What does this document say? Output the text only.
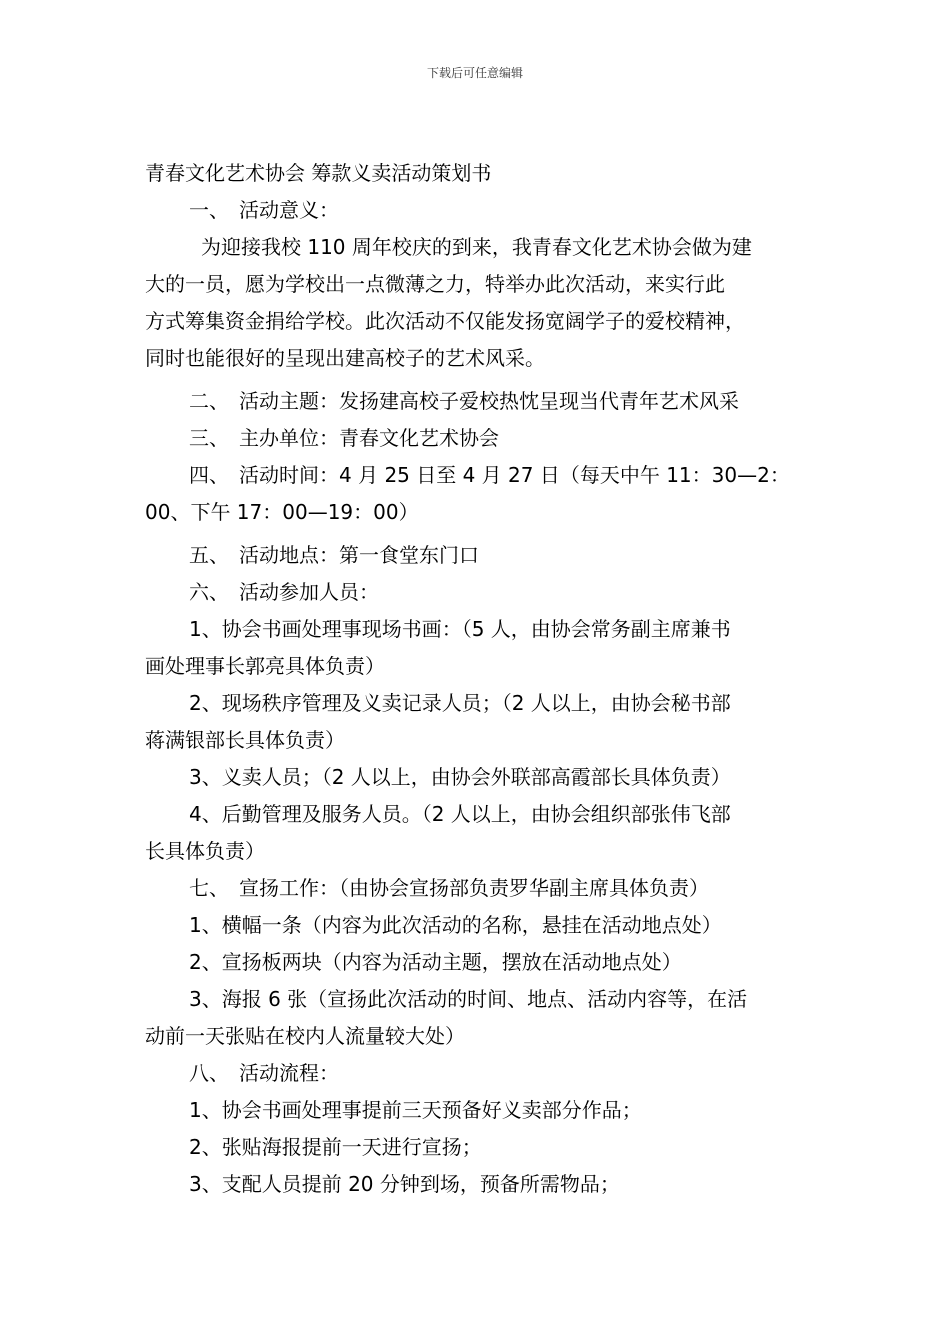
下载后可任意编辑

青春文化艺术协会 筹款义卖活动策划书

一、　活动意义：

为迎接我校 110 周年校庆的到来，我青春文化艺术协会做为建

大的一员，愿为学校出一点微薄之力，特举办此次活动，来实行此

方式筹集资金捐给学校。此次活动不仅能发扬宽阔学子的爱校精神，

同时也能很好的呈现出建高校子的艺术风采。

二、　活动主题：发扬建高校子爱校热忱呈现当代青年艺术风采

三、　主办单位：青春文化艺术协会

四、　活动时间：4 月 25 日至 4 月 27 日（每天中午 11：30—2：

00、下午 17：00—19：00）

五、　活动地点：第一食堂东门口

六、　活动参加人员：

1、协会书画处理事现场书画：（5 人，由协会常务副主席兼书

画处理事长郭亮具体负责）

2、现场秩序管理及义卖记录人员；（2 人以上，由协会秘书部

蒋满银部长具体负责）

3、义卖人员；（2 人以上，由协会外联部高霞部长具体负责）

4、后勤管理及服务人员。（2 人以上，由协会组织部张伟飞部

长具体负责）

七、　宣扬工作：（由协会宣扬部负责罗华副主席具体负责）

1、横幅一条（内容为此次活动的名称，悬挂在活动地点处）

2、宣扬板两块（内容为活动主题，摆放在活动地点处）

3、海报 6 张（宣扬此次活动的时间、地点、活动内容等，在活

动前一天张贴在校内人流量较大处）

八、　活动流程：

1、协会书画处理事提前三天预备好义卖部分作品；

2、张贴海报提前一天进行宣扬；

3、支配人员提前 20 分钟到场，预备所需物品；
